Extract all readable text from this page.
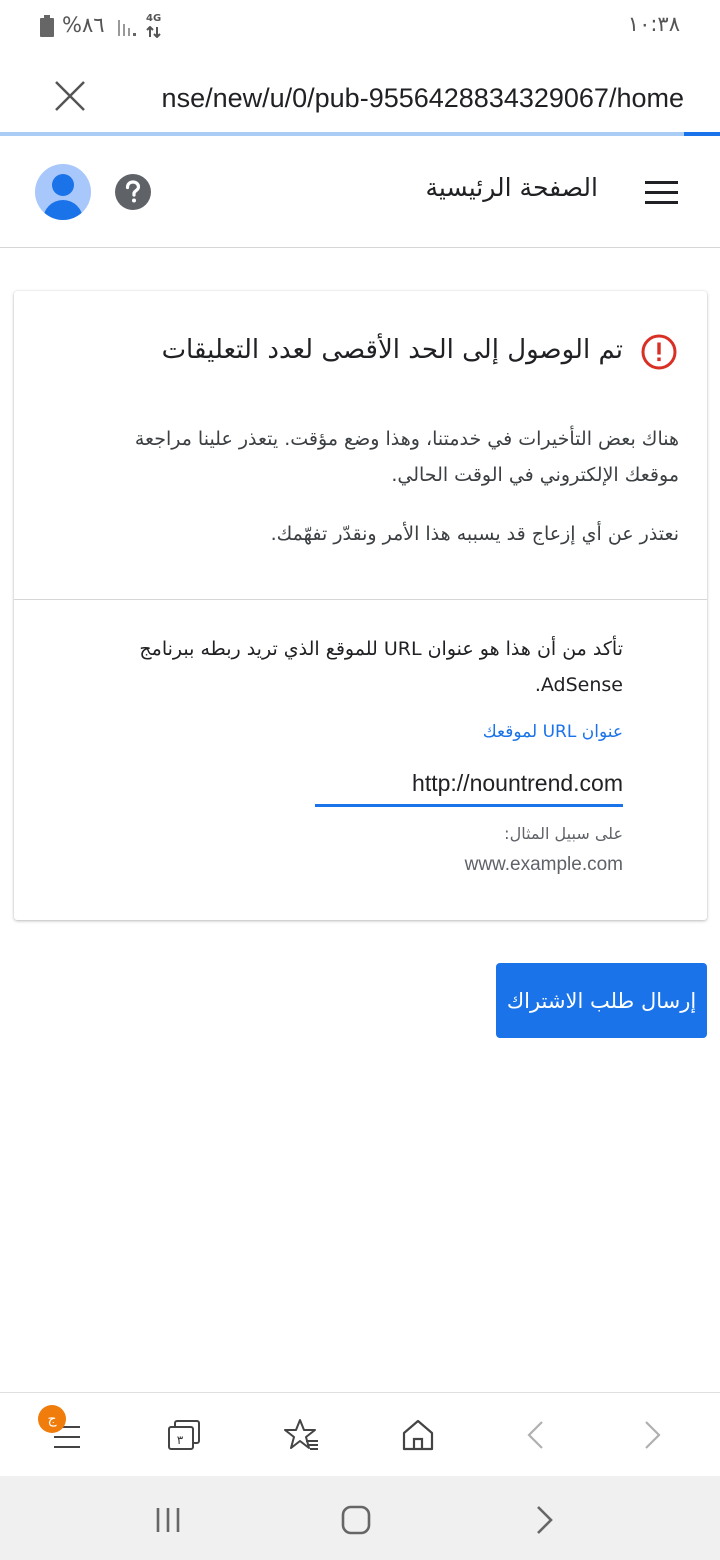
%٨٦	4G	١٠:٣٨
nse/new/u/0/pub-9556428834329067/home
الصفحة الرئيسية
تم الوصول إلى الحد الأقصى لعدد التعليقات
هناك بعض التأخيرات في خدمتنا، وهذا وضع مؤقت. يتعذر علينا مراجعة موقعك الإلكتروني في الوقت الحالي.
نعتذر عن أي إزعاج قد يسببه هذا الأمر ونقدّر تفهّمك.
تأكد من أن هذا هو عنوان URL للموقع الذي تريد ربطه ببرنامج AdSense.
عنوان URL لموقعك
http://nountrend.com
على سبيل المثال:
www.example.com
إرسال طلب الاشتراك
ج
٣
